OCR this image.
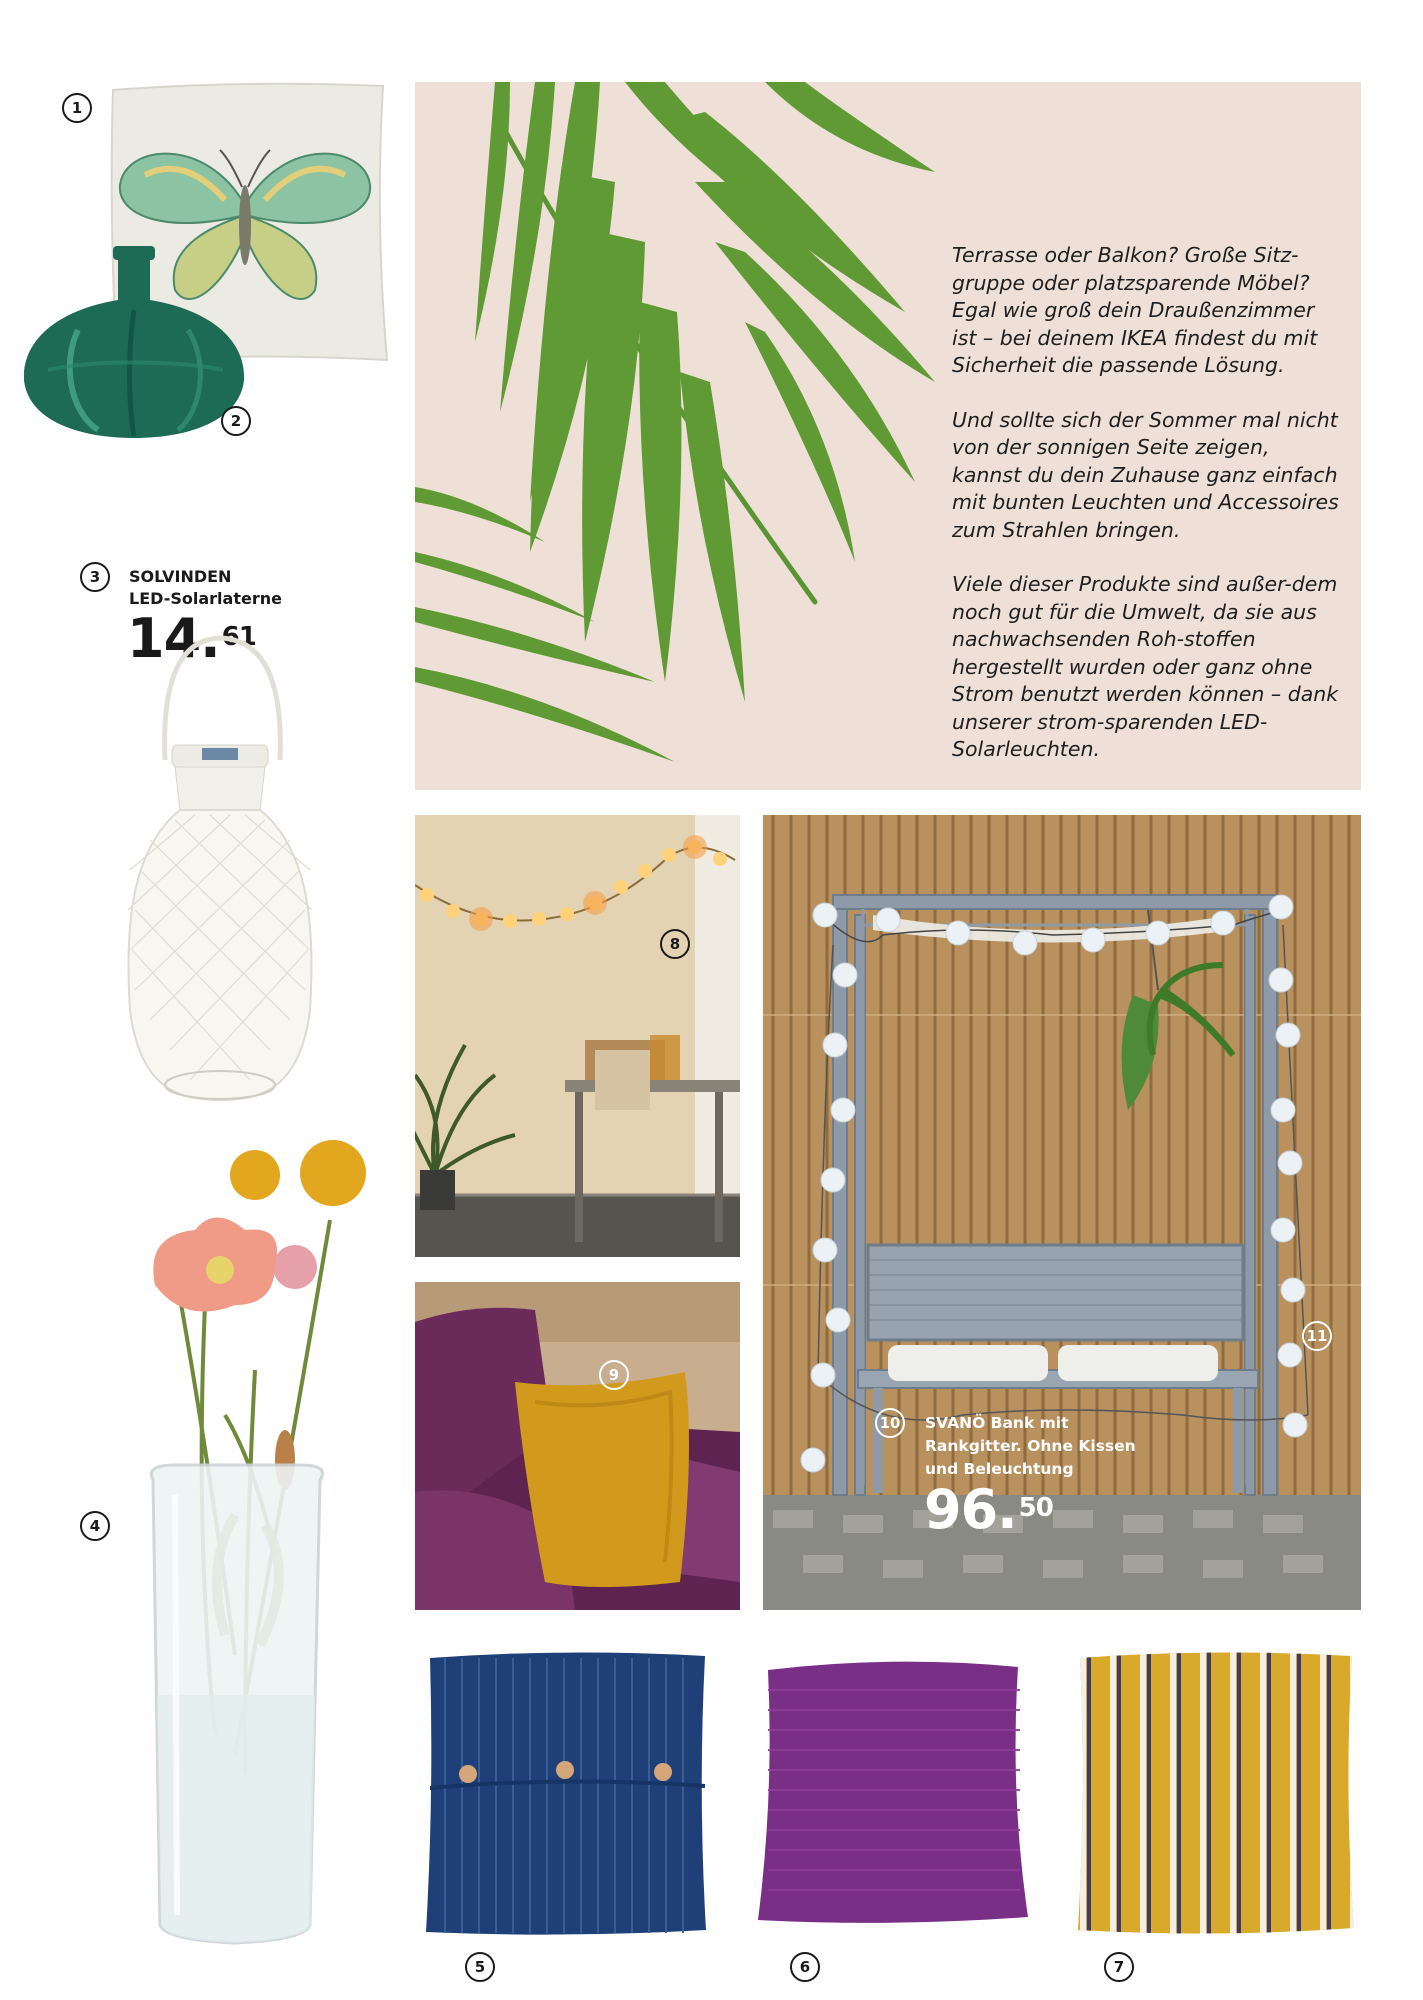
1
2

Terrasse oder Balkon? Große Sitz-gruppe oder platzsparende Möbel? Egal wie groß dein Draußenzimmer ist – bei deinem IKEA findest du mit Sicherheit die passende Lösung.

Und sollte sich der Sommer mal nicht von der sonnigen Seite zeigen, kannst du dein Zuhause ganz einfach mit bunten Leuchten und Accessoires zum Strahlen bringen.

Viele dieser Produkte sind außer-dem noch gut für die Umwelt, da sie aus nachwachsenden Roh-stoffen hergestellt wurden oder ganz ohne Strom benutzt werden können – dank unserer strom-sparenden LED-Solarleuchten.

3	SOLVINDEN
LED-Solarlaterne
14.61
8
9
10
11
SVANÖ Bank mit
Rankgitter. Ohne Kissen
und Beleuchtung
96.50
4
5	6	7
